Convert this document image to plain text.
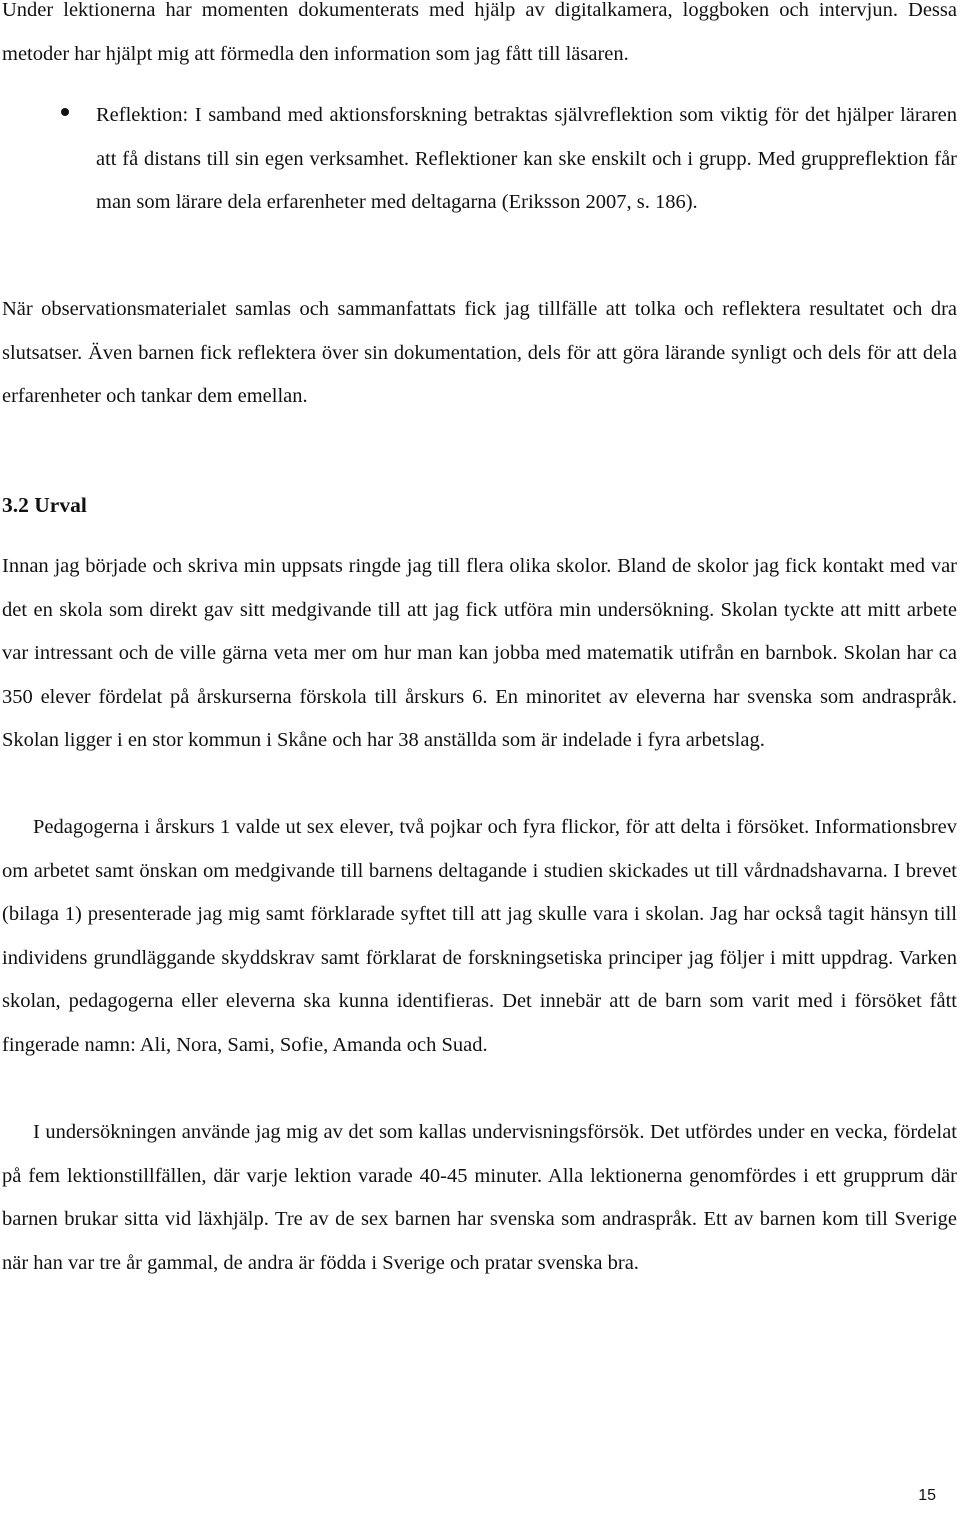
Under lektionerna har momenten dokumenterats med hjälp av digitalkamera, loggboken och intervjun. Dessa metoder har hjälpt mig att förmedla den information som jag fått till läsaren.

Reflektion: I samband med aktionsforskning betraktas självreflektion som viktig för det hjälper läraren att få distans till sin egen verksamhet. Reflektioner kan ske enskilt och i grupp. Med gruppreflektion får man som lärare dela erfarenheter med deltagarna (Eriksson 2007, s. 186).

När observationsmaterialet samlas och sammanfattats fick jag tillfälle att tolka och reflektera resultatet och dra slutsatser. Även barnen fick reflektera över sin dokumentation, dels för att göra lärande synligt och dels för att dela erfarenheter och tankar dem emellan.

3.2 Urval

Innan jag började och skriva min uppsats ringde jag till flera olika skolor. Bland de skolor jag fick kontakt med var det en skola som direkt gav sitt medgivande till att jag fick utföra min undersökning. Skolan tyckte att mitt arbete var intressant och de ville gärna veta mer om hur man kan jobba med matematik utifrån en barnbok. Skolan har ca 350 elever fördelat på årskurserna förskola till årskurs 6. En minoritet av eleverna har svenska som andraspråk. Skolan ligger i en stor kommun i Skåne och har 38 anställda som är indelade i fyra arbetslag.

Pedagogerna i årskurs 1 valde ut sex elever, två pojkar och fyra flickor, för att delta i försöket. Informationsbrev om arbetet samt önskan om medgivande till barnens deltagande i studien skickades ut till vårdnadshavarna. I brevet (bilaga 1) presenterade jag mig samt förklarade syftet till att jag skulle vara i skolan. Jag har också tagit hänsyn till individens grundläggande skyddskrav samt förklarat de forskningsetiska principer jag följer i mitt uppdrag. Varken skolan, pedagogerna eller eleverna ska kunna identifieras. Det innebär att de barn som varit med i försöket fått fingerade namn: Ali, Nora, Sami, Sofie, Amanda och Suad.

I undersökningen använde jag mig av det som kallas undervisningsförsök. Det utfördes under en vecka, fördelat på fem lektionstillfällen, där varje lektion varade 40-45 minuter. Alla lektionerna genomfördes i ett grupprum där barnen brukar sitta vid läxhjälp. Tre av de sex barnen har svenska som andraspråk. Ett av barnen kom till Sverige när han var tre år gammal, de andra är födda i Sverige och pratar svenska bra.

15
